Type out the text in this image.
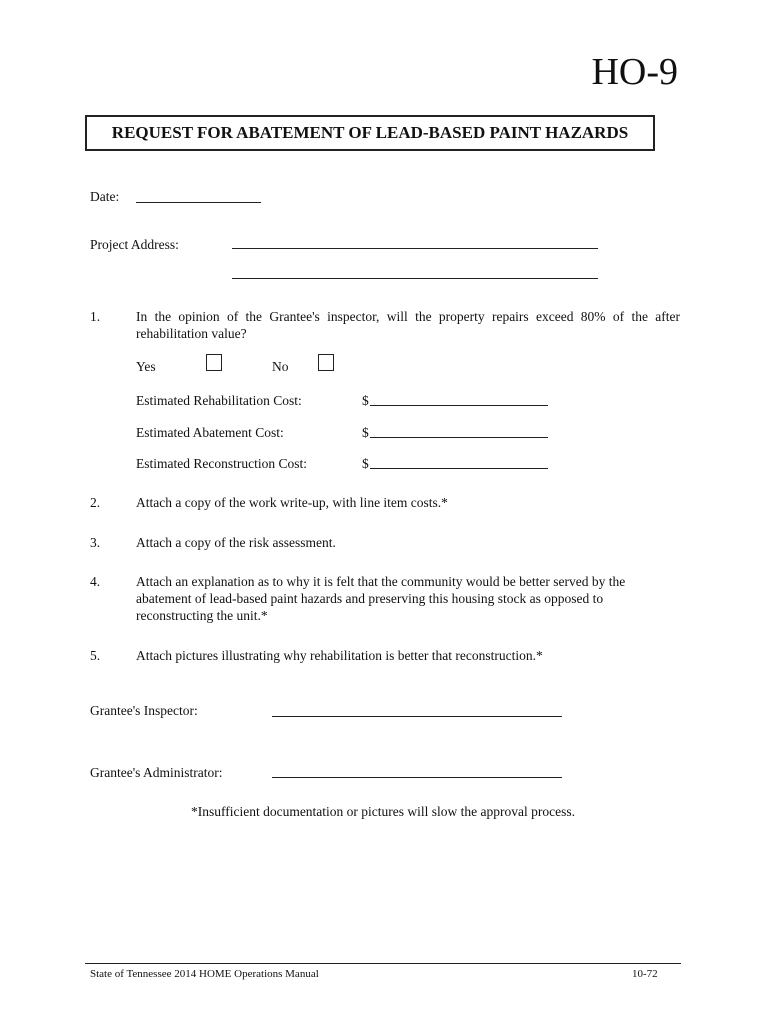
HO-9
REQUEST FOR ABATEMENT OF LEAD-BASED PAINT HAZARDS
Date:
Project Address:
1.	In the opinion of the Grantee's inspector, will the property repairs exceed 80% of the after rehabilitation value?
Yes	No
Estimated Rehabilitation Cost:	$
Estimated Abatement Cost:	$
Estimated Reconstruction Cost:	$
2.	Attach a copy of the work write-up, with line item costs.*
3.	Attach a copy of the risk assessment.
4.	Attach an explanation as to why it is felt that the community would be better served by the abatement of lead-based paint hazards and preserving this housing stock as opposed to reconstructing the unit.*
5.	Attach pictures illustrating why rehabilitation is better that reconstruction.*
Grantee's Inspector:
Grantee's Administrator:
*Insufficient documentation or pictures will slow the approval process.
State of Tennessee 2014 HOME Operations Manual	10-72
